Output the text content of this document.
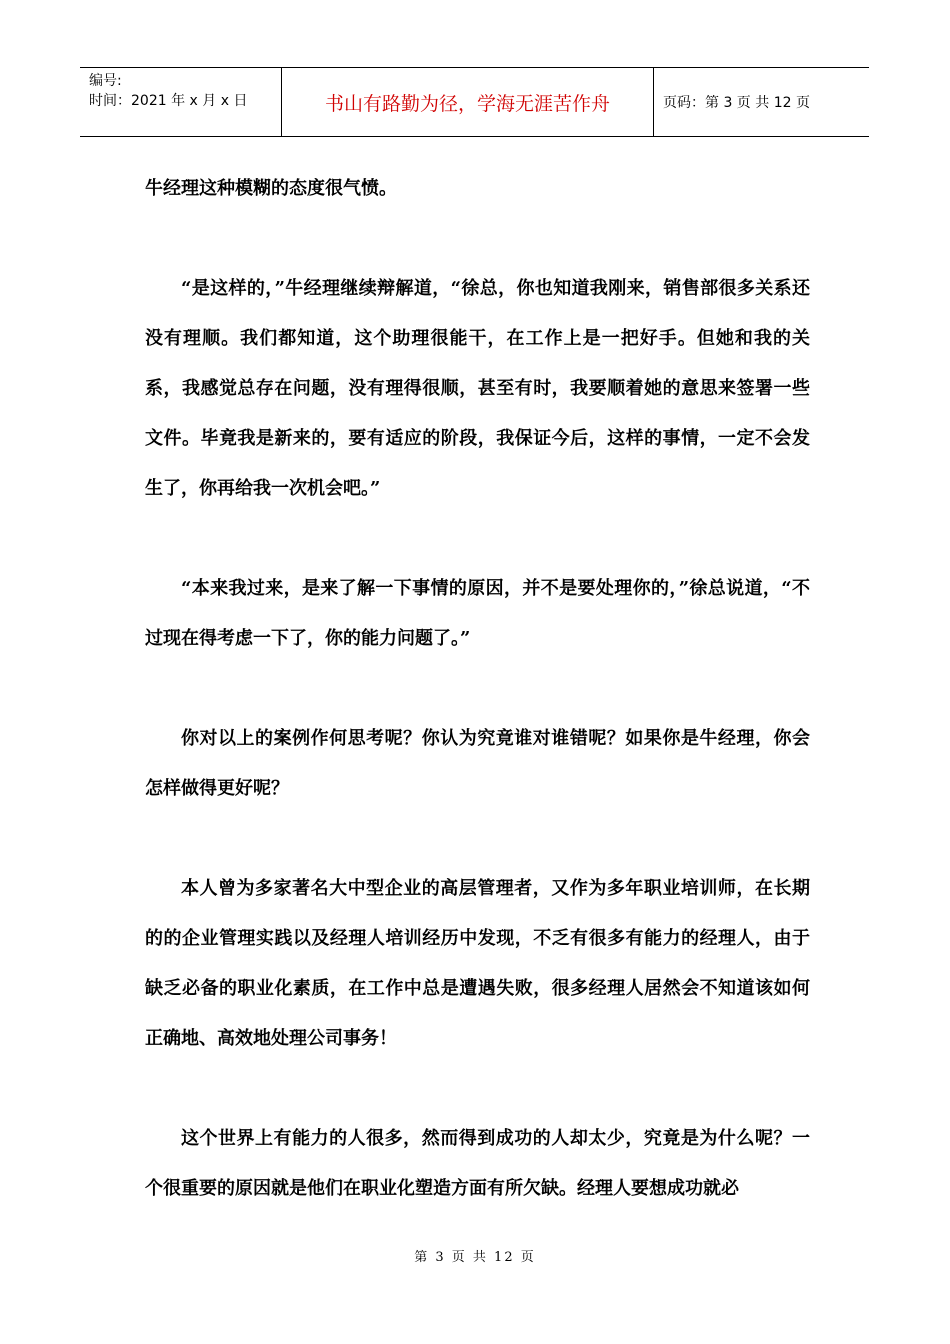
编号:
时间：2021 年 x 月 x 日	书山有路勤为径，学海无涯苦作舟	页码：第 3 页 共 12 页

牛经理这种模糊的态度很气愤。

“是这样的，”牛经理继续辩解道，“徐总，你也知道我刚来，销售部很多关系还没有理顺。我们都知道，这个助理很能干，在工作上是一把好手。但她和我的关系，我感觉总存在问题，没有理得很顺，甚至有时，我要顺着她的意思来签署一些文件。毕竟我是新来的，要有适应的阶段，我保证今后，这样的事情，一定不会发生了，你再给我一次机会吧。”

“本来我过来，是来了解一下事情的原因，并不是要处理你的，”徐总说道，“不过现在得考虑一下了，你的能力问题了。”

你对以上的案例作何思考呢？你认为究竟谁对谁错呢？如果你是牛经理，你会怎样做得更好呢？

本人曾为多家著名大中型企业的高层管理者，又作为多年职业培训师，在长期的的企业管理实践以及经理人培训经历中发现，不乏有很多有能力的经理人，由于缺乏必备的职业化素质，在工作中总是遭遇失败，很多经理人居然会不知道该如何正确地、高效地处理公司事务！

这个世界上有能力的人很多，然而得到成功的人却太少，究竟是为什么呢？一个很重要的原因就是他们在职业化塑造方面有所欠缺。经理人要想成功就必

第 3 页 共 12 页
